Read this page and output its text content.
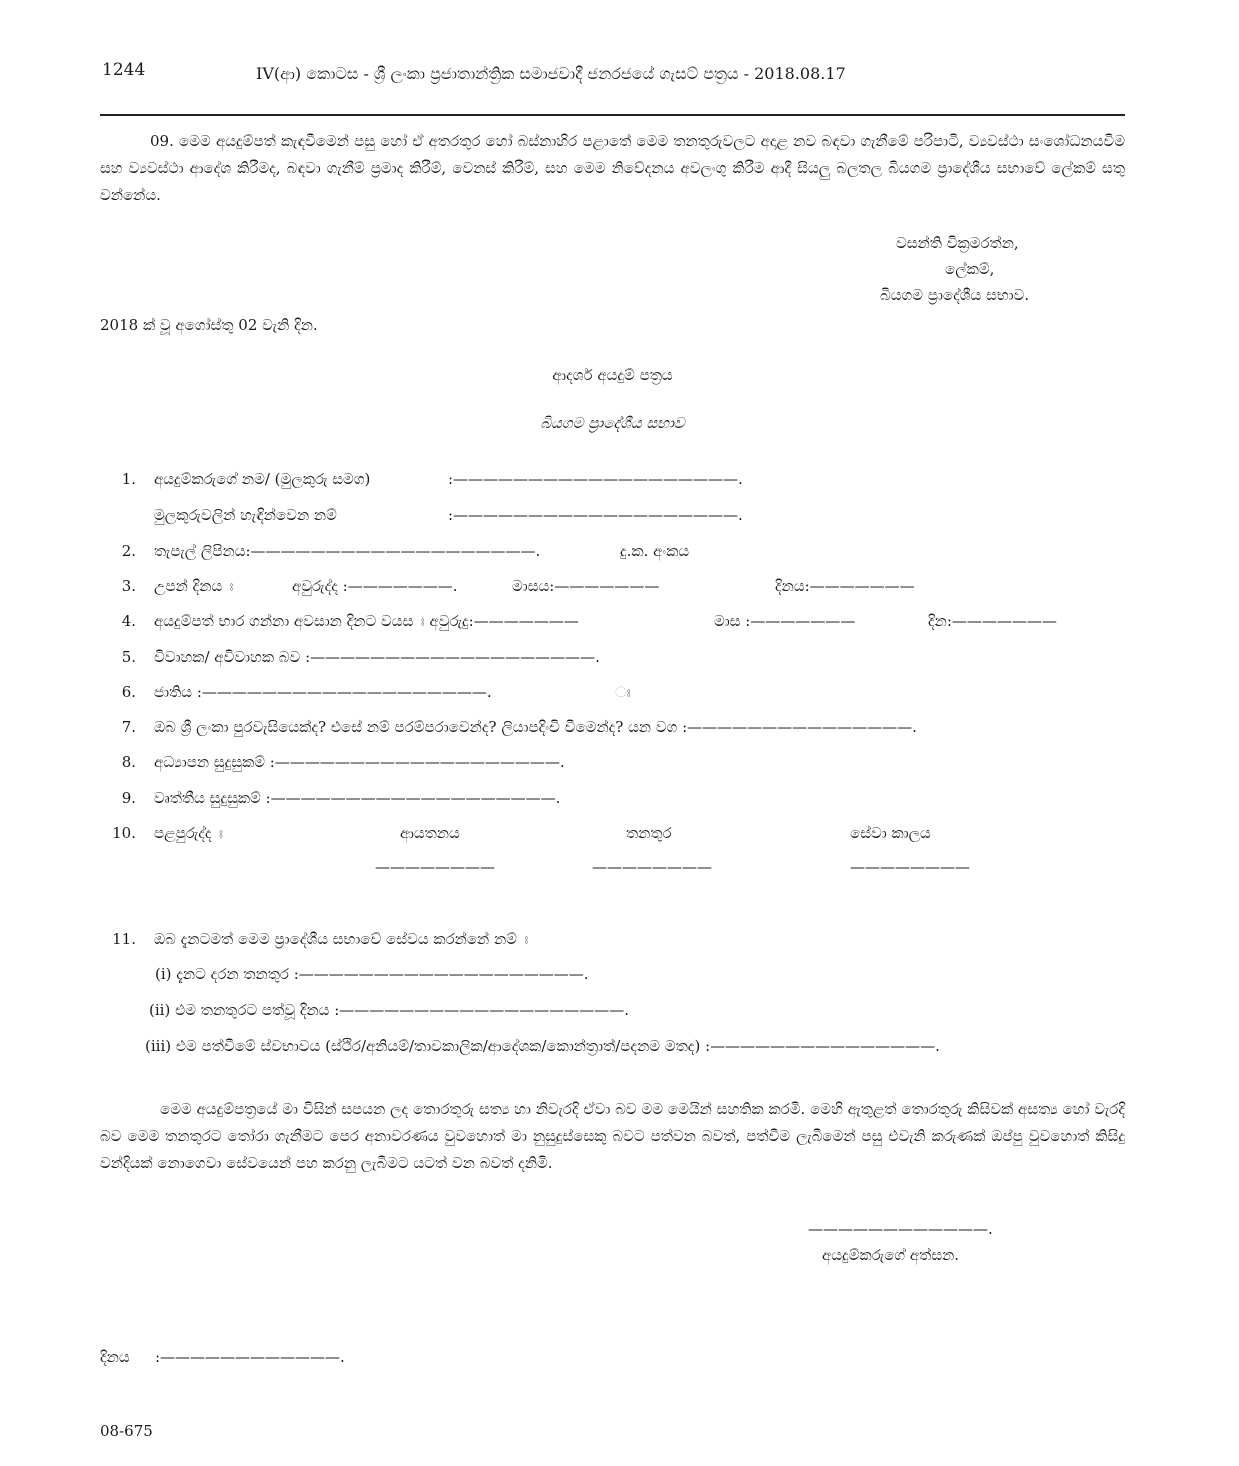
1244	IV(ආ) කොටස - ශ්‍රී ලංකා ප්‍රජාතාන්ත්‍රික සමාජවාදී ජනරජයේ ගැසට් පත්‍රය - 2018.08.17
09. මෙම අයදුම්පත් කැඳවීමෙන් පසු හෝ ඒ අතරතුර හෝ බස්නාහිර පළාතේ මෙම තනතුරුවලට අදාළ නව බඳවා ගැනීමේ පරිපාටි, ව්‍යවස්ථා සංශෝධනයවීම සහ ව්‍යවස්ථා ආදේශ කිරීමද, බඳවා ගැනීම් ප්‍රමාද කිරීම්, වෙනස් කිරීම්, සහ මෙම නිවේදනය අවලංගු කිරීම ආදී සියලු බලතල බියගම ප්‍රාදේශීය සභාවේ ලේකම් සතු වන්නේය.
වසන්ති වික්‍රමරත්න,
ලේකම්,
බියගම ප්‍රාදේශීය සභාව.
2018 ක් වූ අගෝස්තු 02 වැනි දින.
ආදර්ශ අයදුම් පත්‍රය
බියගම ප්‍රාදේශීය සභාව
1. අයදුම්කරුගේ නම/ (මුලකුරු සමග)	:———————————————————.
මුලකුරුවලින් හැඳින්වෙන නම්	:———————————————————.
2. තැපැල් ලිපිනය:———————————————————.	දු.ක. අංකය
3. උපන් දිනය ඃ	අවුරුද්ද :———————.	මාසය:———————	දිනය:———————
4. අයදුම්පත් භාර ගන්නා අවසාන දිනට වයස ඃ අවුරුදු:———————	මාස :———————	දින:———————
5. විවාහක/ අවිවාහක බව :———————————————————.
6. ජාතිය :———————————————————.	ඃ
7. ඔබ ශ්‍රී ලංකා පුරවැසියෙක්ද? එසේ නම් පරම්පරාවෙන්ද? ලියාපදිංචි වීමෙන්ද? යන වග :———————————————.
8. අධ්‍යාපන සුදුසුකම් :———————————————————.
9. වෘත්තීය සුදුසුකම් :———————————————————.
10. පළපුරුද්ද ඃ	ආයතනය	තනතුර	සේවා කාලය
————————	————————	————————
11. ඔබ දැනටමත් මෙම ප්‍රාදේශීය සභාවේ සේවය කරන්නේ නම් ඃ
(i) දැනට දරන තනතුර :———————————————————.
(ii) එම තනතුරට පත්වූ දිනය :———————————————————.
(iii) එම පත්වීමේ ස්වභාවය (ස්ථිර/අනියම්/තාවකාලික/ආදේශක/කොන්ත්‍රාත්/පදනම මතද) :———————————————.
මෙම අයදුම්පත්‍රයේ මා විසින් සපයන ලද තොරතුරු සත්‍ය හා නිවැරදි ඒවා බව මම මෙයින් සහතික කරමි. මෙහි ඇතුළත් තොරතුරු කිසිවක් අසත්‍ය හෝ වැරදි බව මෙම තනතුරට තෝරා ගැනීමට පෙර අනාවරණය වුවහොත් මා නුසුදුස්සෙකු බවට පත්වන බවත්, පත්වීම ලැබීමෙන් පසු එවැනි කරුණක් ඔප්පු වුවහොත් කිසිදු වන්දියක් නොගෙවා සේවයෙන් පහ කරනු ලැබීමට යටත් වන බවත් දනිමි.
————————————.
අයදුම්කරුගේ අත්සන.
දිනය :————————————.
08-675
